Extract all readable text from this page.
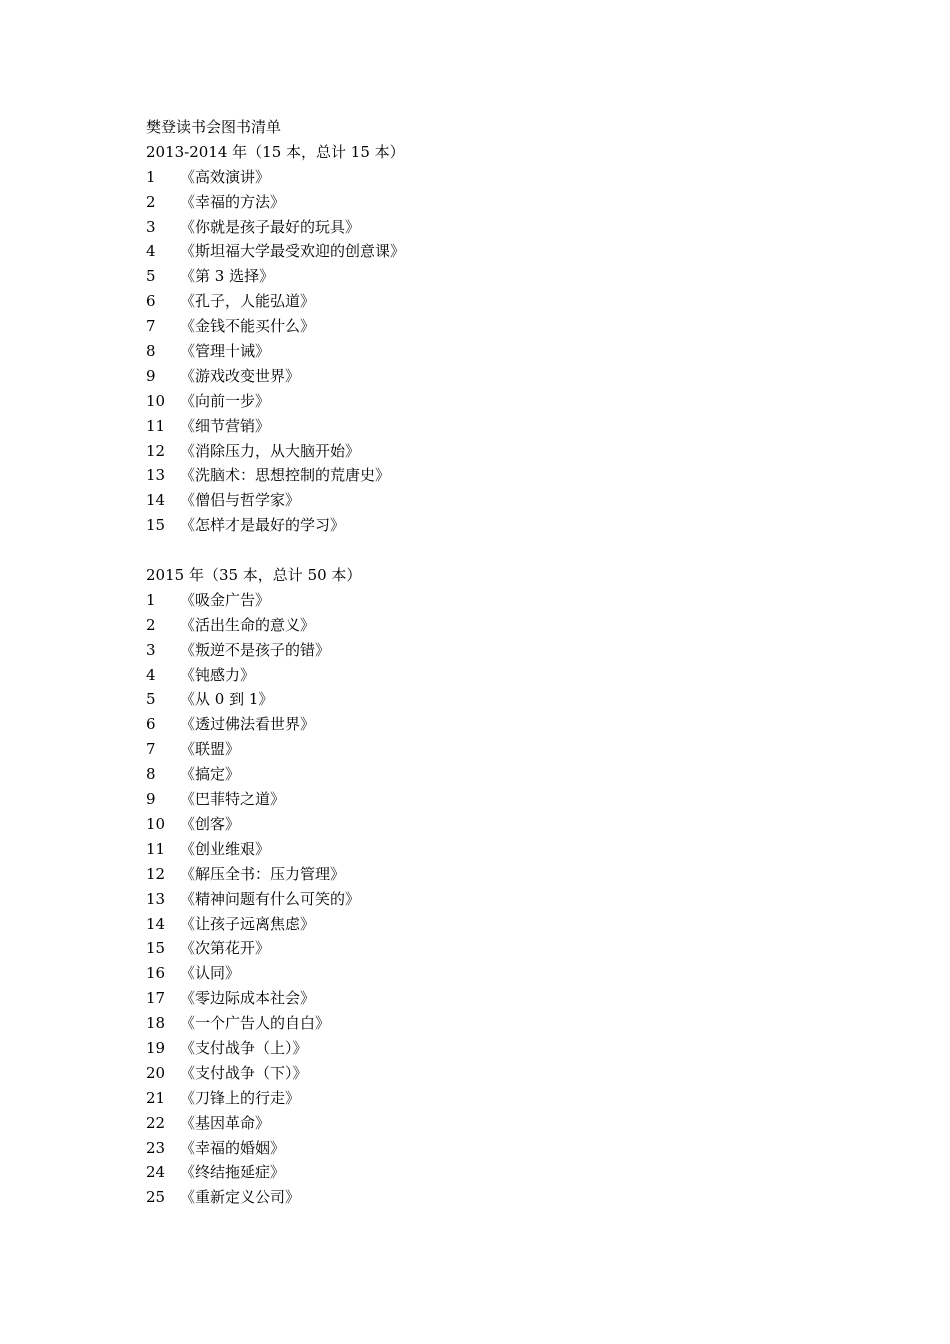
樊登读书会图书清单
2013-2014 年（15 本，总计 15 本）
1 《高效演讲》
2 《幸福的方法》
3 《你就是孩子最好的玩具》
4 《斯坦福大学最受欢迎的创意课》
5 《第 3 选择》
6 《孔子，人能弘道》
7 《金钱不能买什么》
8 《管理十诫》
9 《游戏改变世界》
10 《向前一步》
11 《细节营销》
12 《消除压力，从大脑开始》
13 《洗脑术：思想控制的荒唐史》
14 《僧侣与哲学家》
15 《怎样才是最好的学习》
2015 年（35 本，总计 50 本）
1 《吸金广告》
2 《活出生命的意义》
3 《叛逆不是孩子的错》
4 《钝感力》
5 《从 0 到 1》
6 《透过佛法看世界》
7 《联盟》
8 《搞定》
9 《巴菲特之道》
10 《创客》
11 《创业维艰》
12 《解压全书：压力管理》
13 《精神问题有什么可笑的》
14 《让孩子远离焦虑》
15 《次第花开》
16 《认同》
17 《零边际成本社会》
18 《一个广告人的自白》
19 《支付战争（上）》
20 《支付战争（下）》
21 《刀锋上的行走》
22 《基因革命》
23 《幸福的婚姻》
24 《终结拖延症》
25 《重新定义公司》
